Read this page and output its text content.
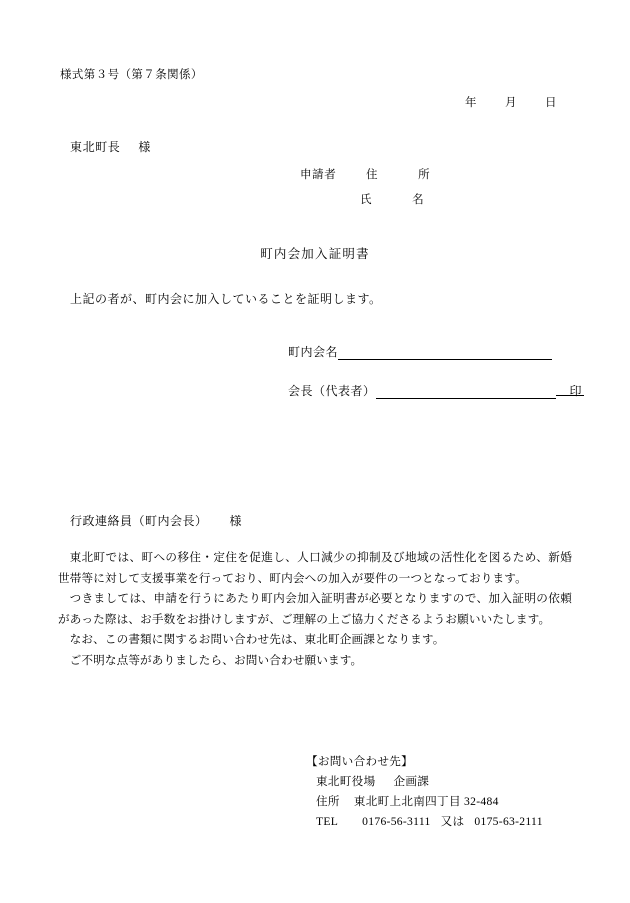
様式第３号（第７条関係）
年 月 日
東北町長 様
申請者	住	所
氏	名
町内会加入証明書
上記の者が、町内会に加入していることを証明します。
町内会名
会長（代表者）	印
行政連絡員（町内会長） 様

東北町では、町への移住・定住を促進し、人口減少の抑制及び地域の活性化を図るため、新婚世帯等に対して支援事業を行っており、町内会への加入が要件の一つとなっております。

つきましては、申請を行うにあたり町内会加入証明書が必要となりますので、加入証明の依頼があった際は、お手数をお掛けしますが、ご理解の上ご協力くださるようお願いいたします。

なお、この書類に関するお問い合わせ先は、東北町企画課となります。

ご不明な点等がありましたら、お問い合わせ願います。

【お問い合わせ先】
東北町役場 企画課
住所 東北町上北南四丁目 32-484
TEL 0176-56-3111 又は 0175-63-2111
